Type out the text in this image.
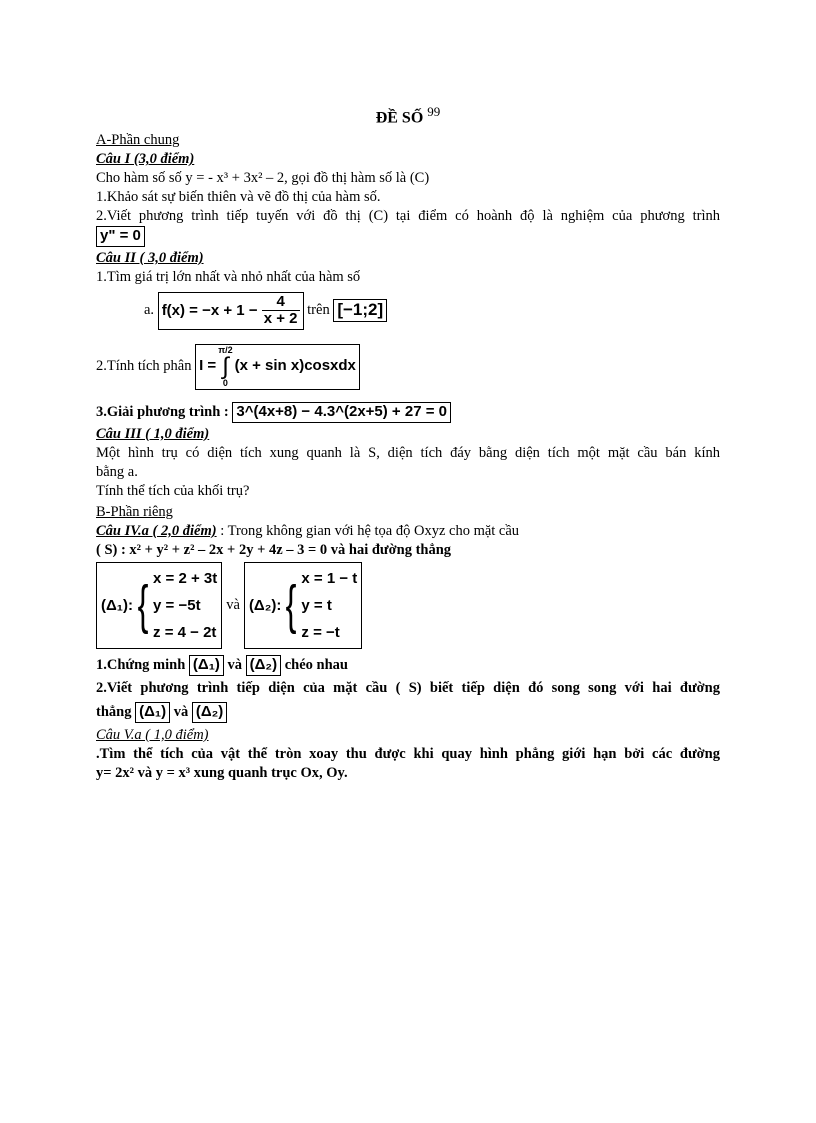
ĐỀ SỐ $^{99}$
A-Phần chung
Câu I (3,0 điểm)
Cho hàm số số y = - x³ + 3x² – 2, gọi đồ thị hàm số là (C)
1.Khảo sát sự biến thiên và vẽ đồ thị của hàm số.
2.Viết phương trình tiếp tuyến với đồ thị (C) tại điểm có hoành độ là nghiệm của phương trình
y" = 0
Câu II ( 3,0 điểm)
1.Tìm giá trị lớn nhất và nhỏ nhất của hàm số
a. $f(x) = -x + 1 - \frac{4}{x + 2}$ trên [−1;2]
2.Tính tích phân I =
π/2
∫
0
(x + sin x)cosxdx
3.Giải phương trình : 3^(4x+8) − 4.3^(2x+5) + 27 = 0
Câu III ( 1,0 điểm)
Một hình trụ có diện tích xung quanh là S, diện tích đáy bằng diện tích một mặt cầu bán kính
bằng a.
Tính thể tích của khối trụ?
B-Phần riêng
Câu IV.a ( 2,0 điểm) : Trong không gian với hệ tọa độ Oxyz cho mặt cầu
( S) : x² + y² + z² – 2x + 2y + 4z – 3 = 0 và hai đường thẳng
(Δ₁): { x = 2 + 3t
y = −5t
z = 4 − 2t
và (Δ₂): { x = 1 − t
y = t
z = −t
1.Chứng minh (Δ₁) và (Δ₂) chéo nhau
2.Viết phương trình tiếp diện của mặt cầu ( S) biết tiếp diện đó song song với hai đường
thẳng (Δ₁) và (Δ₂)
Câu V.a ( 1,0 điểm)
.Tìm thể tích của vật thể tròn xoay thu được khi quay hình phẳng giới hạn bởi các đường
y= 2x² và y = x³ xung quanh trục Ox, Oy.
